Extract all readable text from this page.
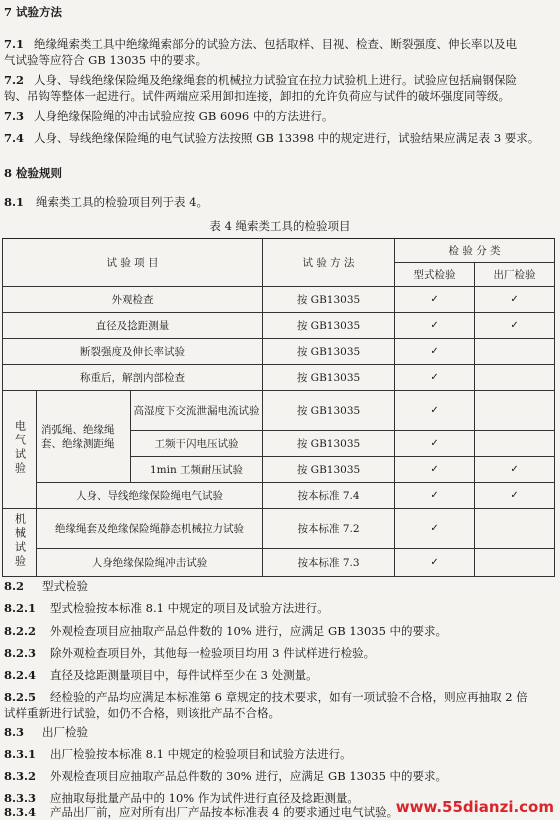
7 试验方法
7.1 绝缘绳索类工具中绝缘绳索部分的试验方法、包括取样、目视、检查、断裂强度、伸长率以及电
气试验等应符合 GB 13035 中的要求。
7.2 人身、导线绝缘保险绳及绝缘绳套的机械拉力试验宜在拉力试验机上进行。试验应包括扁钢保险
钩、吊钩等整体一起进行。试件两端应采用卸扣连接，卸扣的允许负荷应与试件的破坏强度同等级。
7.3 人身绝缘保险绳的冲击试验应按 GB 6096 中的方法进行。
7.4 人身、导线绝缘保险绳的电气试验方法按照 GB 13398 中的规定进行，试验结果应满足表 3 要求。
8 检验规则
8.1 绳索类工具的检验项目列于表 4。
表 4 绳索类工具的检验项目
试 验 项 目			试 验 方 法	检 验 分 类	
				型式检验	出厂检验
外观检查			按 GB13035	✓	✓
直径及捻距测量			按 GB13035	✓	✓
断裂强度及伸长率试验			按 GB13035	✓	
称重后，解剖内部检查			按 GB13035	✓	
电气试验	消弧绳、绝缘绳套、绝缘测距绳	高湿度下交流泄漏电流试验	按 GB13035	✓	
		工频干闪电压试验	按 GB13035	✓	
		1min 工频耐压试验	按 GB13035	✓	✓
	人身、导线绝缘保险绳电气试验		按本标准 7.4	✓	✓
机械试验	绝缘绳套及绝缘保险绳静态机械拉力试验		按本标准 7.2	✓	
	人身绝缘保险绳冲击试验		按本标准 7.3	✓	
8.2 型式检验
8.2.1 型式检验按本标准 8.1 中规定的项目及试验方法进行。
8.2.2 外观检查项目应抽取产品总件数的 10% 进行，应满足 GB 13035 中的要求。
8.2.3 除外观检查项目外，其他每一检验项目均用 3 件试样进行检验。
8.2.4 直径及捻距测量项目中，每件试样至少在 3 处测量。
8.2.5 经检验的产品均应满足本标准第 6 章规定的技术要求，如有一项试验不合格，则应再抽取 2 倍
试样重新进行试验，如仍不合格，则该批产品不合格。
8.3 出厂检验
8.3.1 出厂检验按本标准 8.1 中规定的检验项目和试验方法进行。
8.3.2 外观检查项目应抽取产品总件数的 30% 进行，应满足 GB 13035 中的要求。
8.3.3 应抽取每批量产品中的 10% 作为试件进行直径及捻距测量。
8.3.4 产品出厂前，应对所有出厂产品按本标准表 4 的要求通过电气试验。
www.55dianzi.com
